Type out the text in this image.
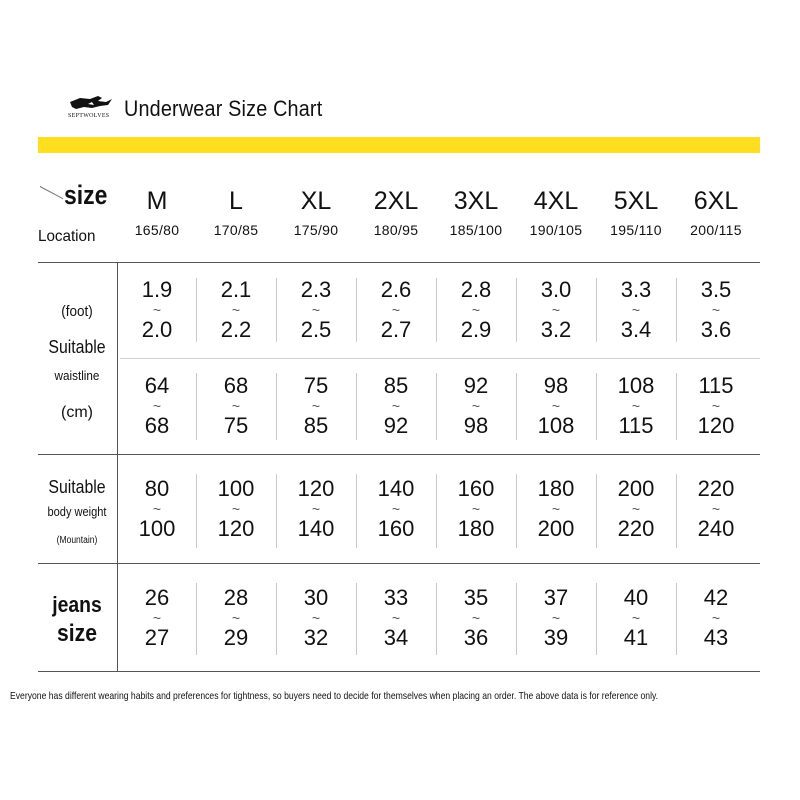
SEPTWOLVES Underwear Size Chart
size
Location
M
165/80
L
170/85
XL
175/90
2XL
180/95
3XL
185/100
4XL
190/105
5XL
195/110
6XL
200/115
(foot)
Suitable
waistline
(cm)
Suitable
body weight
(Mountain)
jeans
size
1.9
~
2.0
2.1
~
2.2
2.3
~
2.5
2.6
~
2.7
2.8
~
2.9
3.0
~
3.2
3.3
~
3.4
3.5
~
3.6
64
~
68
68
~
75
75
~
85
85
~
92
92
~
98
98
~
108
108
~
115
115
~
120
80
~
100
100
~
120
120
~
140
140
~
160
160
~
180
180
~
200
200
~
220
220
~
240
26
~
27
28
~
29
30
~
32
33
~
34
35
~
36
37
~
39
40
~
41
42
~
43
Everyone has different wearing habits and preferences for tightness, so buyers need to decide for themselves when placing an order. The above data is for reference only.
